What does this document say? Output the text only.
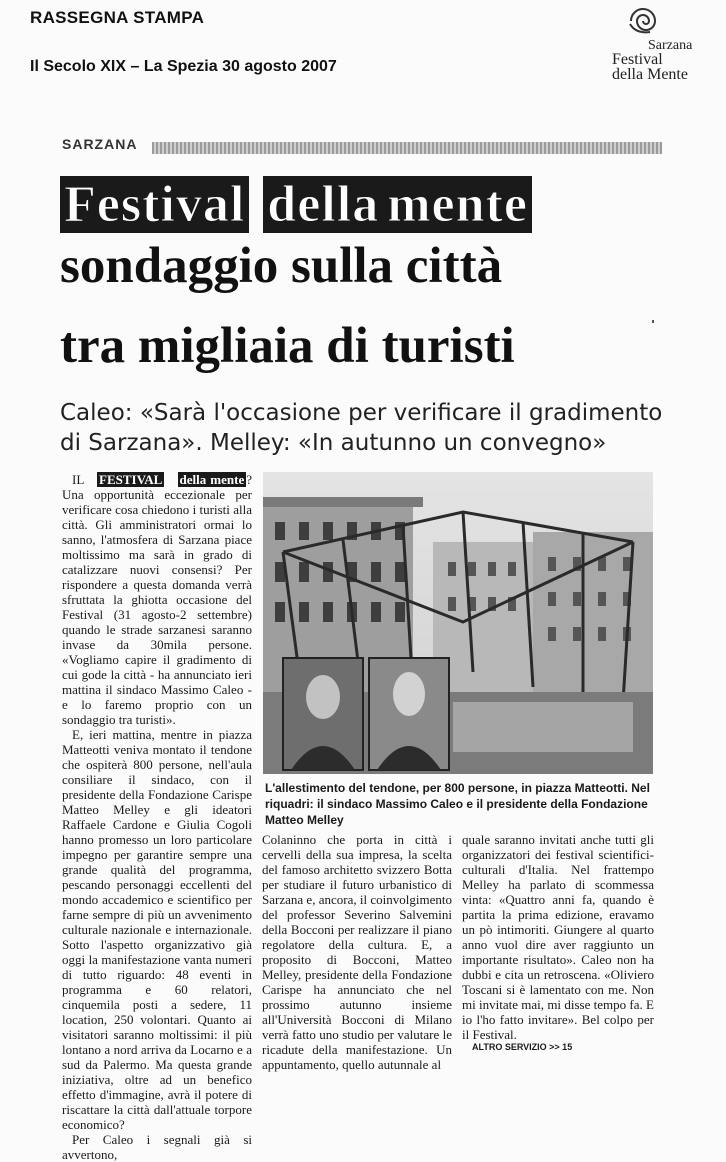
RASSEGNA STAMPA
Il Secolo XIX – La Spezia 30 agosto 2007
Sarzana
Festival
della Mente
SARZANA
Festival della mente
sondaggio sulla città
tra migliaia di turisti
Caleo: «Sarà l'occasione per verificare il gradimento
di Sarzana». Melley: «In autunno un convegno»

IL FESTIVAL della mente ? Una opportunità eccezionale per verificare cosa chiedono i turisti alla città. Gli amministratori ormai lo sanno, l'atmosfera di Sarzana piace moltissimo ma sarà in grado di catalizzare nuovi consensi? Per rispondere a questa domanda verrà sfruttata la ghiotta occasione del Festival (31 agosto-2 settembre) quando le strade sarzanesi saranno invase da 30mila persone. «Vogliamo capire il gradimento di cui gode la città - ha annunciato ieri mattina il sindaco Massimo Caleo - e lo faremo proprio con un sondaggio tra turisti».

E, ieri mattina, mentre in piazza Matteotti veniva montato il tendone che ospiterà 800 persone, nell'aula consiliare il sindaco, con il presidente della Fondazione Carispe Matteo Melley e gli ideatori Raffaele Cardone e Giulia Cogoli hanno promesso un loro particolare impegno per garantire sempre una grande qualità del programma, pescando personaggi eccellenti del mondo accademico e scientifico per farne sempre di più un avvenimento culturale nazionale e internazionale. Sotto l'aspetto organizzativo già oggi la manifestazione vanta numeri di tutto riguardo: 48 eventi in programma e 60 relatori, cinquemila posti a sedere, 11 location, 250 volontari. Quanto ai visitatori saranno moltissimi: il più lontano a nord arriva da Locarno e a sud da Palermo. Ma questa grande iniziativa, oltre ad un benefico effetto d'immagine, avrà il potere di riscattare la città dall'attuale torpore economico?

Per Caleo i segnali già si avvertono,

L'allestimento del tendone, per 800 persone, in piazza Matteotti. Nel riquadri: il sindaco Massimo Caleo e il presidente della Fondazione Matteo Melley

Colaninno che porta in città i cervelli della sua impresa, la scelta del famoso architetto svizzero Botta per studiare il futuro urbanistico di Sarzana e, ancora, il coinvolgimento del professor Severino Salvemini della Bocconi per realizzare il piano regolatore della cultura. E, a proposito di Bocconi, Matteo Melley, presidente della Fondazione Carispe ha annunciato che nel prossimo autunno insieme all'Università Bocconi di Milano verrà fatto uno studio per valutare le ricadute della manifestazione. Un appuntamento, quello autunnale al

quale saranno invitati anche tutti gli organizzatori dei festival scientifici-culturali d'Italia. Nel frattempo Melley ha parlato di scommessa vinta: «Quattro anni fa, quando è partita la prima edizione, eravamo un pò intimoriti. Giungere al quarto anno vuol dire aver raggiunto un importante risultato». Caleo non ha dubbi e cita un retroscena. «Oliviero Toscani si è lamentato con me. Non mi invitate mai, mi disse tempo fa. E io l'ho fatto invitare». Bel colpo per il Festival.

ALTRO SERVIZIO >> 15
